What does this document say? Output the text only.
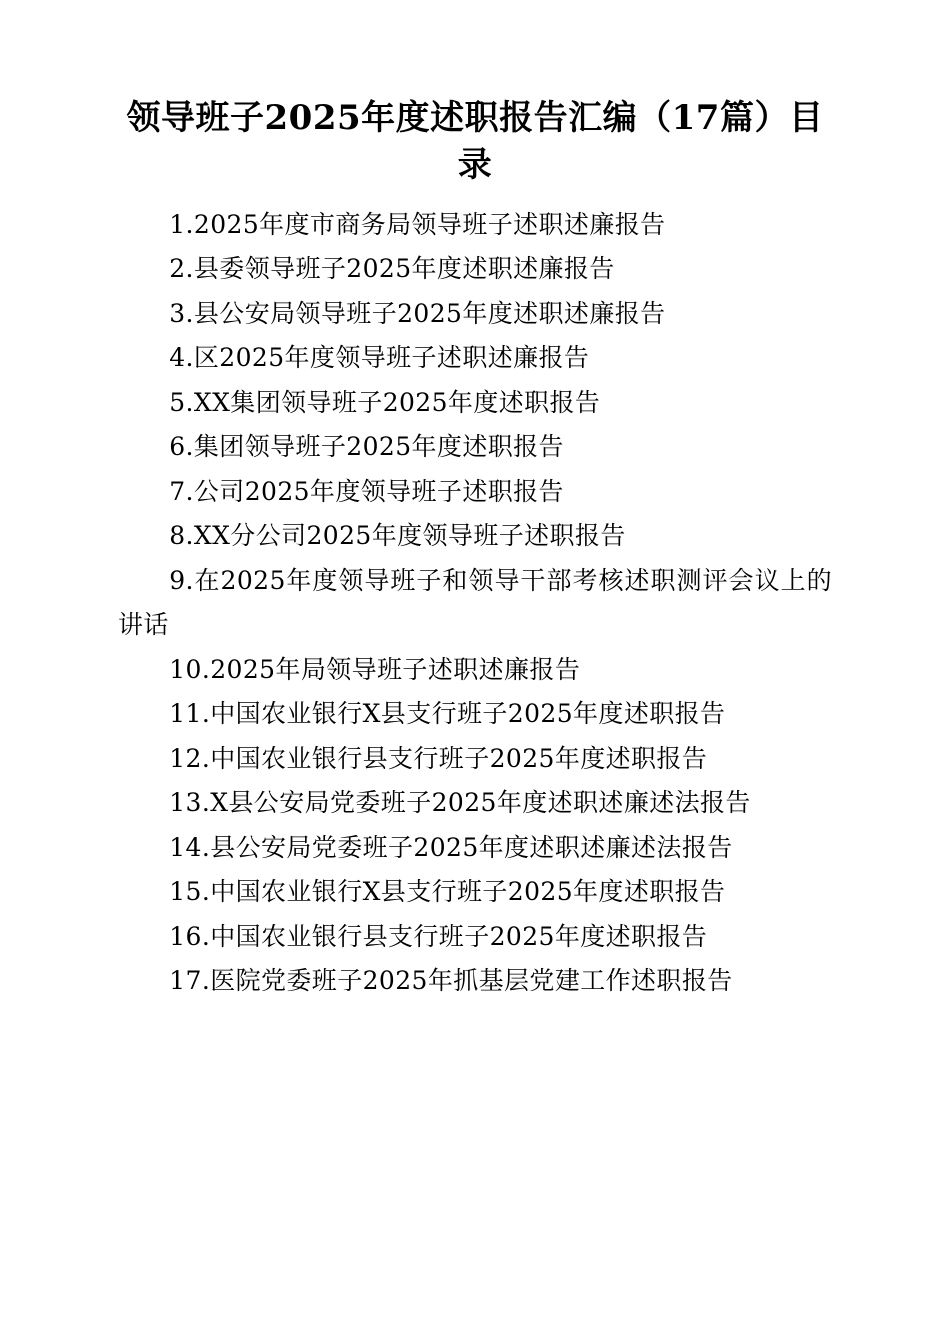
领导班子2025年度述职报告汇编（17篇）目录

1.2025年度市商务局领导班子述职述廉报告

2.县委领导班子2025年度述职述廉报告

3.县公安局领导班子2025年度述职述廉报告

4.区2025年度领导班子述职述廉报告

5.XX集团领导班子2025年度述职报告

6.集团领导班子2025年度述职报告

7.公司2025年度领导班子述职报告

8.XX分公司2025年度领导班子述职报告

9.在2025年度领导班子和领导干部考核述职测评会议上的讲话

10.2025年局领导班子述职述廉报告

11.中国农业银行X县支行班子2025年度述职报告

12.中国农业银行县支行班子2025年度述职报告

13.X县公安局党委班子2025年度述职述廉述法报告

14.县公安局党委班子2025年度述职述廉述法报告

15.中国农业银行X县支行班子2025年度述职报告

16.中国农业银行县支行班子2025年度述职报告

17.医院党委班子2025年抓基层党建工作述职报告
